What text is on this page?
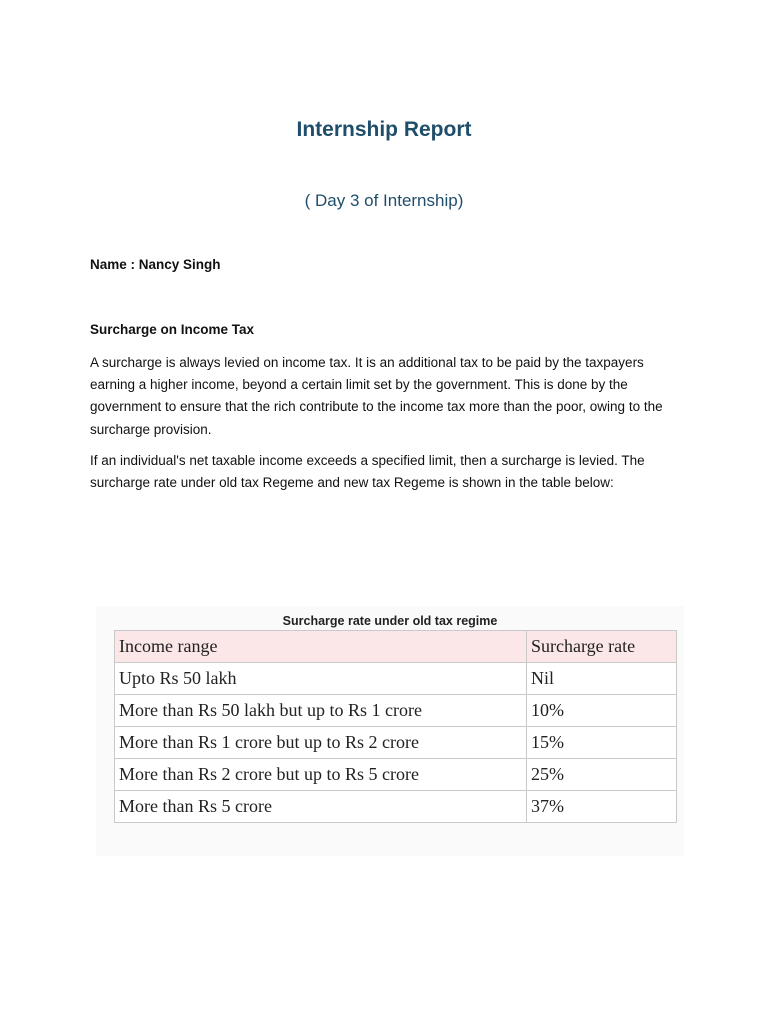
Internship Report
( Day 3 of Internship)
Name : Nancy Singh
Surcharge on Income Tax

A surcharge is always levied on income tax. It is an additional tax to be paid by the taxpayers earning a higher income, beyond a certain limit set by the government. This is done by the government to ensure that the rich contribute to the income tax more than the poor, owing to the surcharge provision.

If an individual's net taxable income exceeds a specified limit, then a surcharge is levied. The surcharge rate under old tax Regeme and new tax Regeme is shown in the table below:

Surcharge rate under old tax regime
Income range	Surcharge rate
Upto Rs 50 lakh	Nil
More than Rs 50 lakh but up to Rs 1 crore	10%
More than Rs 1 crore but up to Rs 2 crore	15%
More than Rs 2 crore but up to Rs 5 crore	25%
More than Rs 5 crore	37%
